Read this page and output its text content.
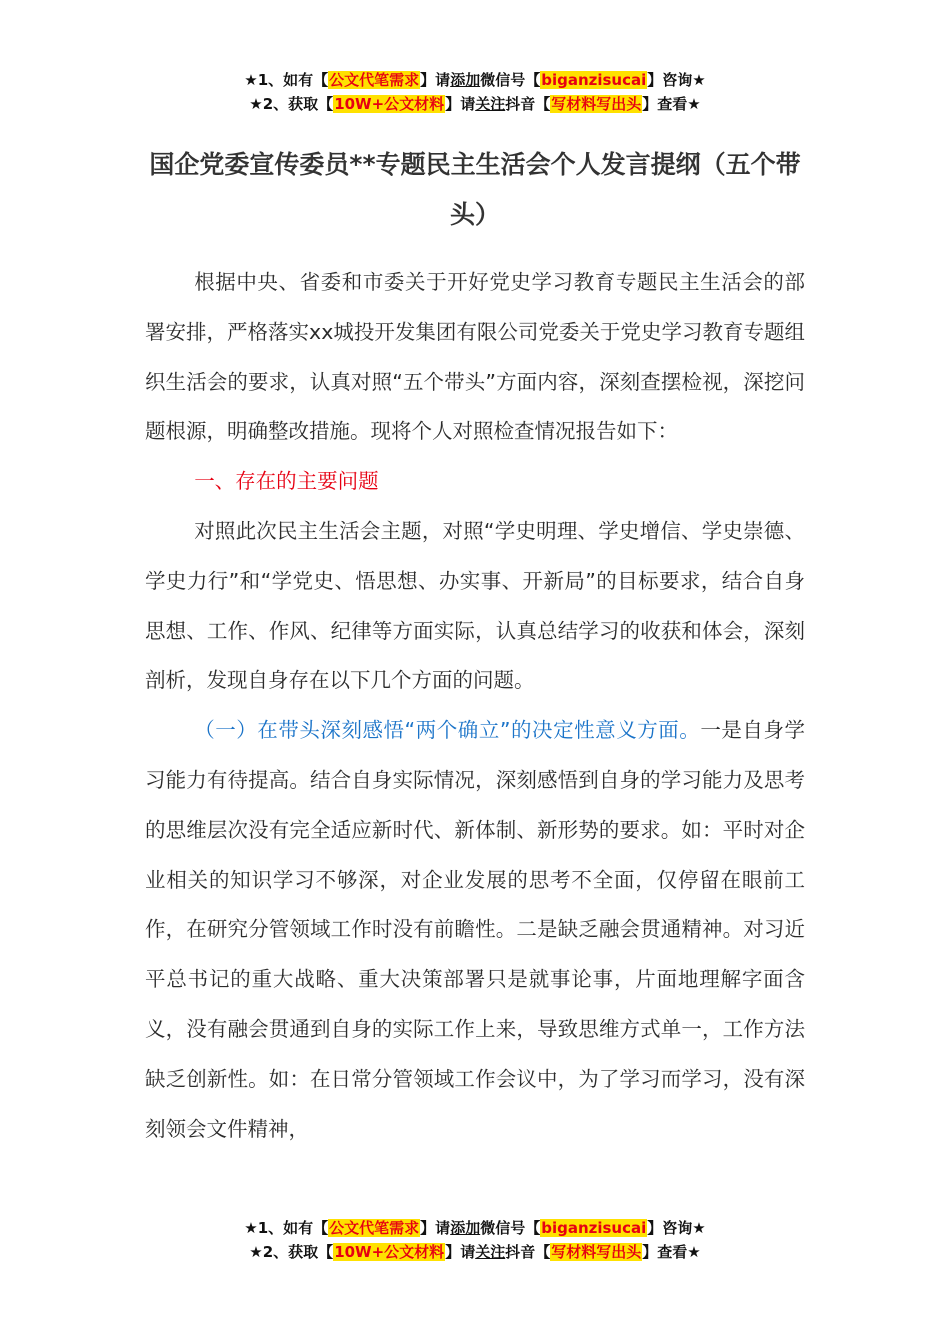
★1、如有【公文代笔需求】请添加微信号【biganzisucai】咨询★
★2、获取【10W+公文材料】请关注抖音【写材料写出头】查看★
国企党委宣传委员**专题民主生活会个人发言提纲（五个带头）

根据中央、省委和市委关于开好党史学习教育专题民主生活会的部署安排，严格落实xx城投开发集团有限公司党委关于党史学习教育专题组织生活会的要求，认真对照“五个带头”方面内容，深刻查摆检视，深挖问题根源，明确整改措施。现将个人对照检查情况报告如下：

一、存在的主要问题

对照此次民主生活会主题，对照“学史明理、学史增信、学史崇德、学史力行”和“学党史、悟思想、办实事、开新局”的目标要求，结合自身思想、工作、作风、纪律等方面实际，认真总结学习的收获和体会，深刻剖析，发现自身存在以下几个方面的问题。

（一）在带头深刻感悟“两个确立”的决定性意义方面。一是自身学习能力有待提高。结合自身实际情况，深刻感悟到自身的学习能力及思考的思维层次没有完全适应新时代、新体制、新形势的要求。如：平时对企业相关的知识学习不够深，对企业发展的思考不全面，仅停留在眼前工作，在研究分管领域工作时没有前瞻性。二是缺乏融会贯通精神。对习近平总书记的重大战略、重大决策部署只是就事论事，片面地理解字面含义，没有融会贯通到自身的实际工作上来，导致思维方式单一，工作方法缺乏创新性。如：在日常分管领域工作会议中，为了学习而学习，没有深刻领会文件精神，

★1、如有【公文代笔需求】请添加微信号【biganzisucai】咨询★
★2、获取【10W+公文材料】请关注抖音【写材料写出头】查看★
